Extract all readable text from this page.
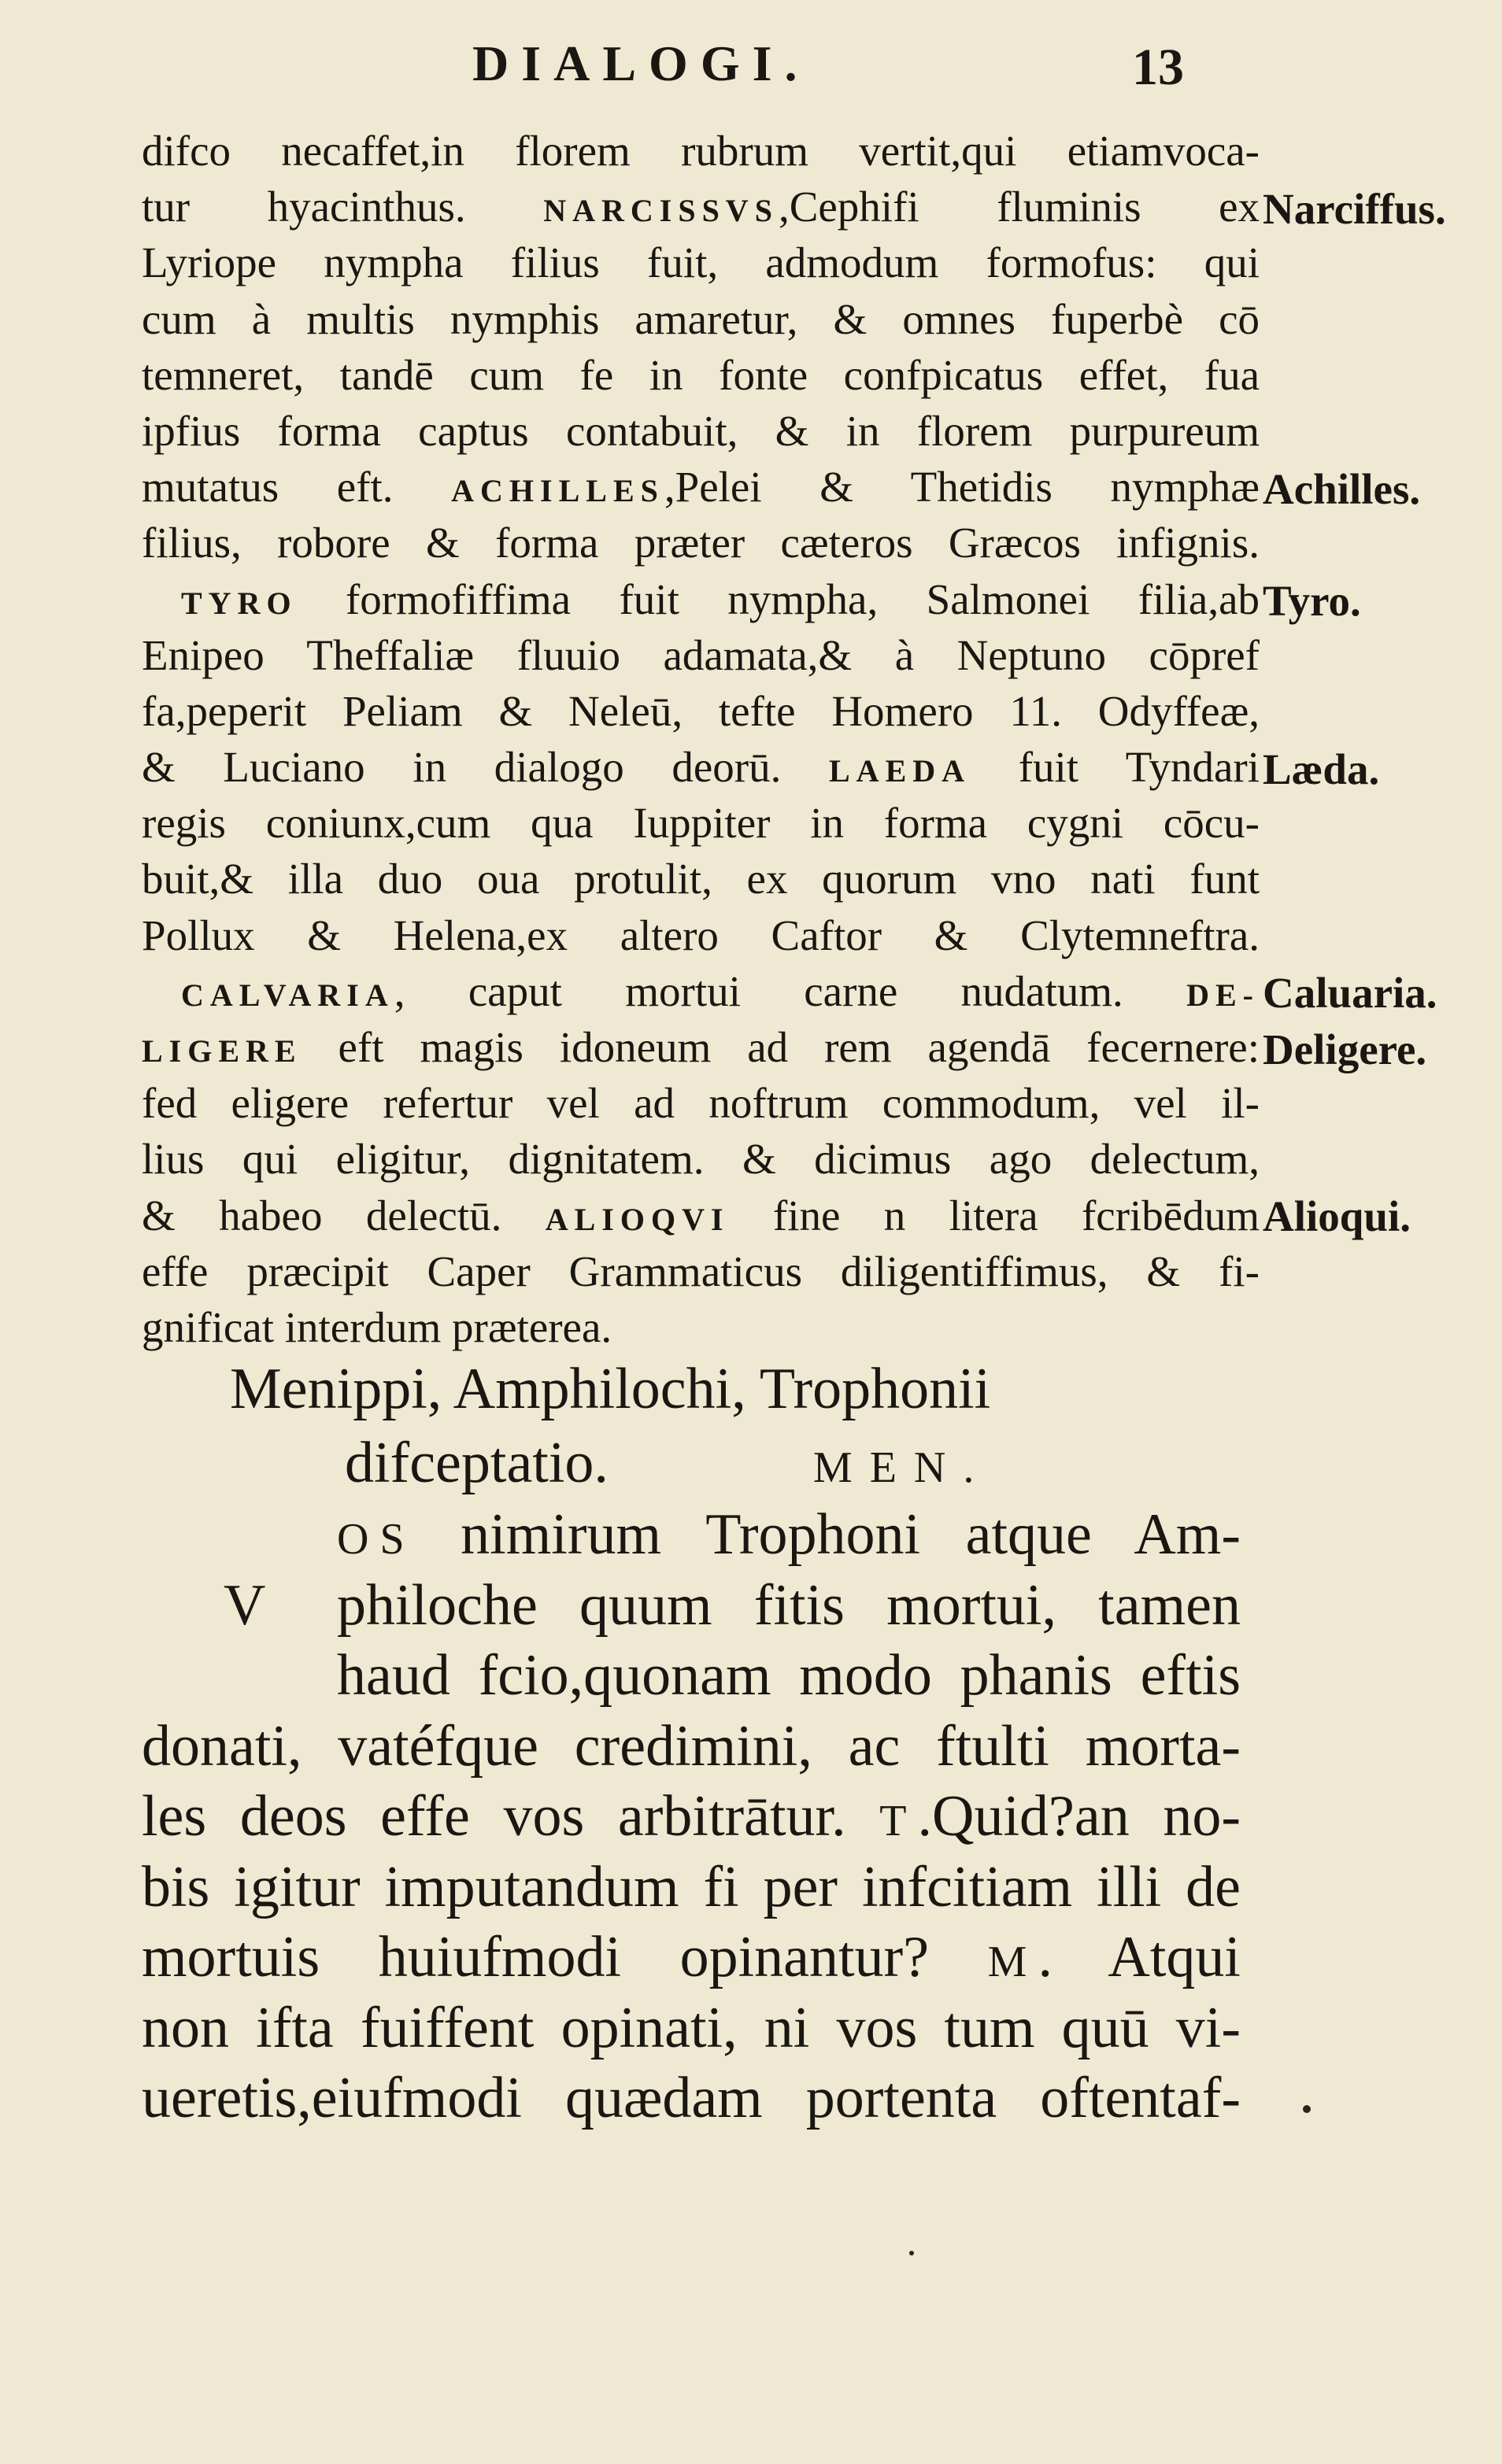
DIALOGI.	13
difco necaffet,in florem rubrum vertit,qui etiamvoca-
tur hyacinthus. NARCISSVS,Cephifi fluminis ex
Lyriope nympha filius fuit, admodum formofus: qui
cum à multis nymphis amaretur, & omnes fuperbè cō
temneret, tandē cum fe in fonte confpicatus effet, fua
ipfius forma captus contabuit, & in florem purpureum
mutatus eft. ACHILLES,Pelei & Thetidis nymphæ
filius, robore & forma præter cæteros Græcos infignis.
TYRO formofiffima fuit nympha, Salmonei filia,ab
Enipeo Theffaliæ fluuio adamata,& à Neptuno cōpref
fa,peperit Peliam & Neleū, tefte Homero 11. Odyffeæ,
& Luciano in dialogo deorū. LAEDA fuit Tyndari
regis coniunx,cum qua Iuppiter in forma cygni cōcu-
buit,& illa duo oua protulit, ex quorum vno nati funt
Pollux & Helena,ex altero Caftor & Clytemneftra.
CALVARIA, caput mortui carne nudatum. DE-
LIGERE eft magis idoneum ad rem agendā fecernere:
fed eligere refertur vel ad noftrum commodum, vel il-
lius qui eligitur, dignitatem. & dicimus ago delectum,
& habeo delectū. ALIOQVI fine n litera fcribēdum
effe præcipit Caper Grammaticus diligentiffimus, & fi-
gnificat interdum præterea.
Narciffus.
Achilles.
Tyro.
Læda.
Caluaria.
Deligere.
Alioqui.
Menippi, Amphilochi, Trophonii
difceptatio.	MEN.
V
OS nimirum Trophoni atque Am-
philoche quum fitis mortui, tamen
haud fcio,quonam modo phanis eftis
donati, vatéfque credimini, ac ftulti morta-
les deos effe vos arbitrātur. T.Quid?an no-
bis igitur imputandum fi per infcitiam illi de
mortuis huiufmodi opinantur? M. Atqui
non ifta fuiffent opinati, ni vos tum quū vi-
ueretis,eiufmodi quædam portenta oftentaf-
